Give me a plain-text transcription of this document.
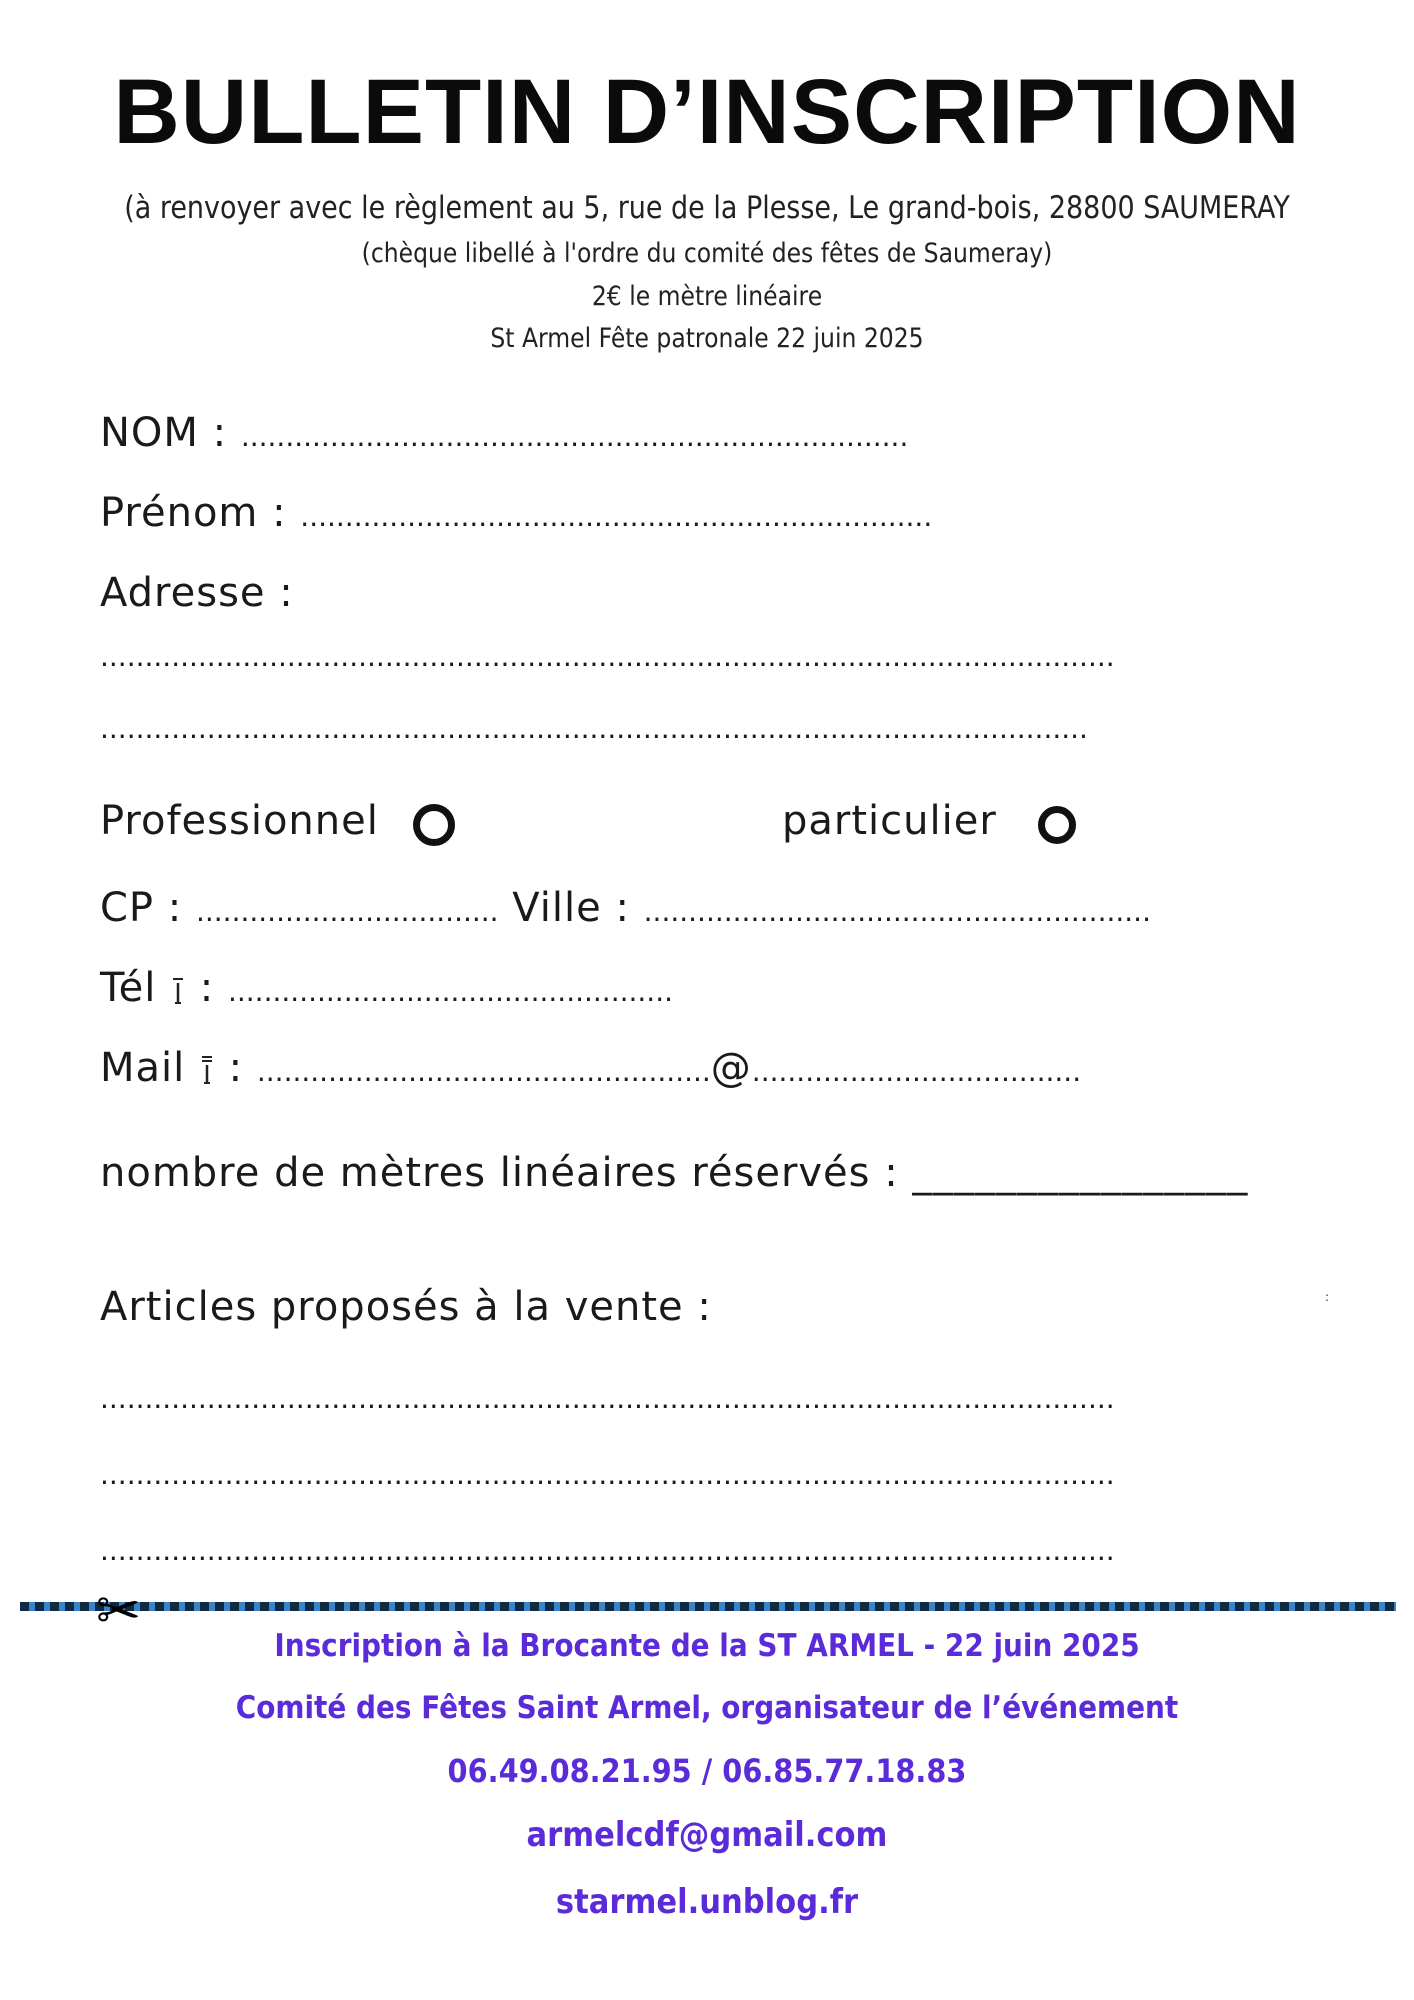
BULLETIN D’INSCRIPTION
(à renvoyer avec le règlement au 5, rue de la Plesse, Le grand-bois, 28800 SAUMERAY
(chèque libellé à l'ordre du comité des fêtes de Saumeray)
2€ le mètre linéaire
St Armel Fête patronale 22 juin 2025
NOM : ...........................................................................
Prénom : .......................................................................
Adresse :
..................................................................................................................
...............................................................................................................
Professionnel	particulier
CP : .................................. Ville : .........................................................
Tél  : ..................................................
Mail  : ...................................................@.....................................
nombre de mètres linéaires réservés : ________________
Articles proposés à la vente :	:
..................................................................................................................
..................................................................................................................
..................................................................................................................
✂
Inscription à la Brocante de la ST ARMEL - 22 juin 2025
Comité des Fêtes Saint Armel, organisateur de l’événement
06.49.08.21.95 / 06.85.77.18.83
armelcdf@gmail.com
starmel.unblog.fr
